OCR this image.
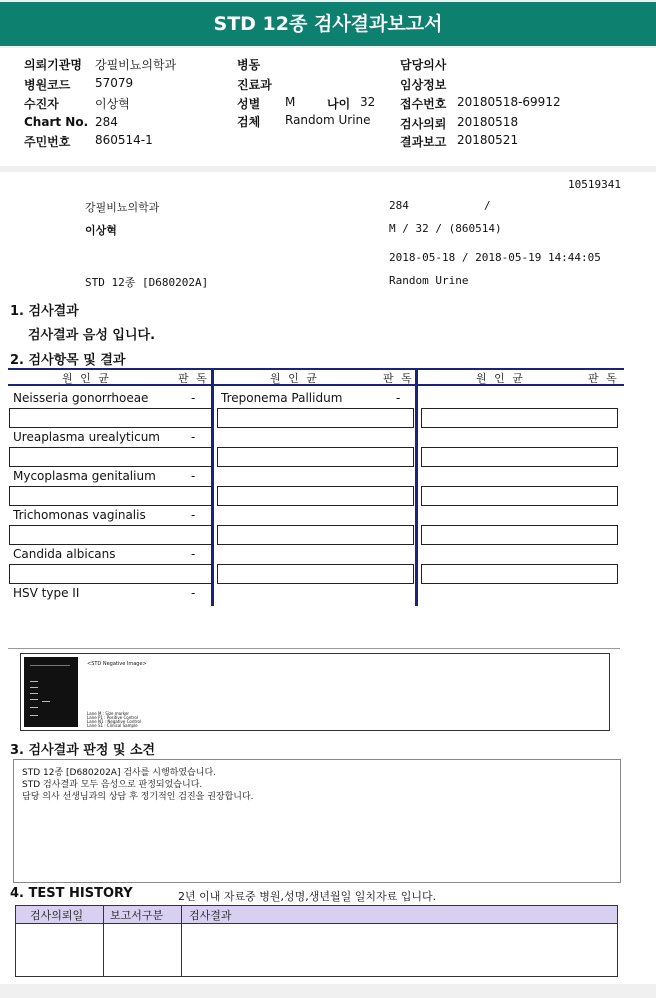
STD 12종 검사결과보고서
의뢰기관명 강필비뇨의학과
병원코드 57079
수진자	이상혁
Chart No. 284
주민번호 860514-1
병동
진료과
성별 M	나이 32
검체 Random Urine
담당의사
임상정보
접수번호 20180518-69912
검사의뢰 20180518
결과보고 20180521
10519341
강필비뇨의학과	284	/
이상혁	M / 32 / (860514)
2018-05-18 / 2018-05-19 14:44:05
STD 12종 [D680202A]	Random Urine
1. 검사결과
검사결과 음성 입니다.
2. 검사항목 및 결과
원 인 균	판 독	원 인 균	판 독	원 인 균	판 독
Neisseria gonorrhoeae	-
Ureaplasma urealyticum	-
Mycoplasma genitalium	-
Trichomonas vaginalis	-
Candida albicans	-
HSV type II	-
Treponema Pallidum	-
<STD Negative Image>
Lane M : Size marker
Lane P1 : Positive Control
Lane N1 : Negative Control
Lane S1 : Clinical Sample
3. 검사결과 판정 및 소견
STD 12종 [D680202A] 검사를 시행하였습니다.
STD 검사결과 모두 음성으로 판정되었습니다.
담당 의사 선생님과의 상담 후 정기적인 검진을 권장합니다.
4. TEST HISTORY	2년 이내 자료중 병원,성명,생년월일 일치자료 입니다.
검사의뢰일 보고서구분 검사결과
